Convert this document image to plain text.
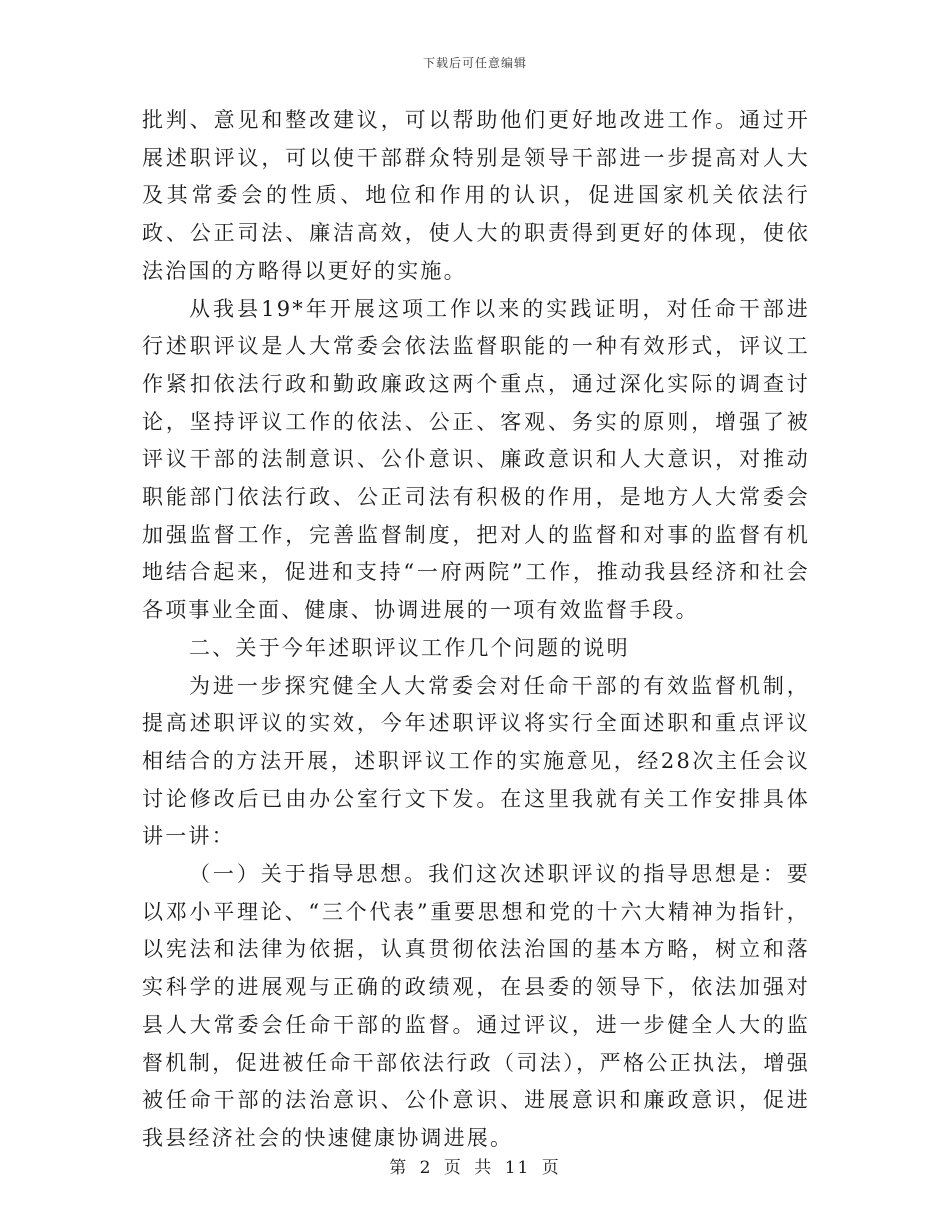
下载后可任意编辑

批判、意见和整改建议，可以帮助他们更好地改进工作。通过开展述职评议，可以使干部群众特别是领导干部进一步提高对人大及其常委会的性质、地位和作用的认识，促进国家机关依法行政、公正司法、廉洁高效，使人大的职责得到更好的体现，使依法治国的方略得以更好的实施。

从我县19*年开展这项工作以来的实践证明，对任命干部进行述职评议是人大常委会依法监督职能的一种有效形式，评议工作紧扣依法行政和勤政廉政这两个重点，通过深化实际的调查讨论，坚持评议工作的依法、公正、客观、务实的原则，增强了被评议干部的法制意识、公仆意识、廉政意识和人大意识，对推动职能部门依法行政、公正司法有积极的作用，是地方人大常委会加强监督工作，完善监督制度，把对人的监督和对事的监督有机地结合起来，促进和支持“一府两院”工作，推动我县经济和社会各项事业全面、健康、协调进展的一项有效监督手段。

二、关于今年述职评议工作几个问题的说明

为进一步探究健全人大常委会对任命干部的有效监督机制，提高述职评议的实效，今年述职评议将实行全面述职和重点评议相结合的方法开展，述职评议工作的实施意见，经28次主任会议讨论修改后已由办公室行文下发。在这里我就有关工作安排具体讲一讲：

（一）关于指导思想。我们这次述职评议的指导思想是：要以邓小平理论、“三个代表”重要思想和党的十六大精神为指针，以宪法和法律为依据，认真贯彻依法治国的基本方略，树立和落实科学的进展观与正确的政绩观，在县委的领导下，依法加强对县人大常委会任命干部的监督。通过评议，进一步健全人大的监督机制，促进被任命干部依法行政（司法），严格公正执法，增强被任命干部的法治意识、公仆意识、进展意识和廉政意识，促进我县经济社会的快速健康协调进展。

第 2 页 共 11 页
